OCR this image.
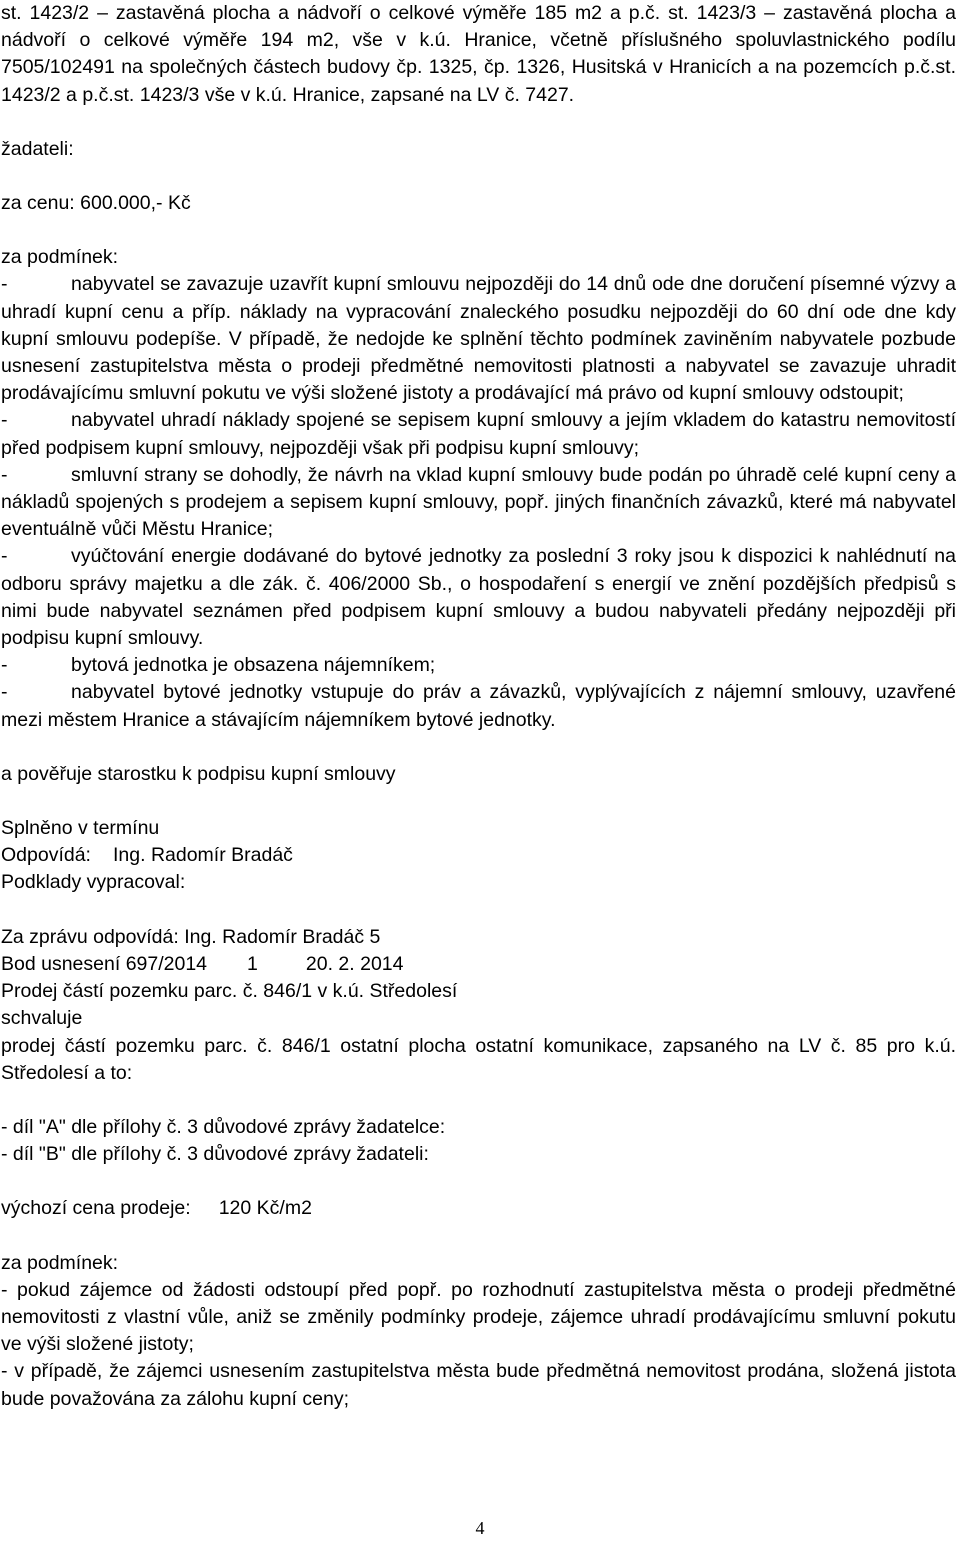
st. 1423/2 – zastavěná plocha a nádvoří o celkové výměře 185 m2 a p.č. st. 1423/3 – zastavěná plocha a nádvoří o celkové výměře 194 m2, vše v k.ú. Hranice, včetně příslušného spoluvlastnického podílu 7505/102491 na společných částech budovy čp. 1325, čp. 1326, Husitská v Hranicích a na pozemcích p.č.st. 1423/2 a p.č.st. 1423/3 vše v k.ú. Hranice, zapsané na LV č. 7427.

žadateli:

za cenu: 600.000,- Kč

za podmínek:

-	nabyvatel se zavazuje uzavřít kupní smlouvu nejpozději do 14 dnů ode dne doručení písemné výzvy a uhradí kupní cenu a příp. náklady na vypracování znaleckého posudku nejpozději do 60 dní ode dne kdy kupní smlouvu podepíše. V případě, že nedojde ke splnění těchto podmínek zaviněním nabyvatele pozbude usnesení zastupitelstva města o prodeji předmětné nemovitosti platnosti a nabyvatel se zavazuje uhradit prodávajícímu smluvní pokutu ve výši složené jistoty a prodávající má právo od kupní smlouvy odstoupit;

-	nabyvatel uhradí náklady spojené se sepisem kupní smlouvy a jejím vkladem do katastru nemovitostí před podpisem kupní smlouvy, nejpozději však při podpisu kupní smlouvy;

-	smluvní strany se dohodly, že návrh na vklad kupní smlouvy bude podán po úhradě celé kupní ceny a nákladů spojených s prodejem a sepisem kupní smlouvy, popř. jiných finančních závazků, které má nabyvatel eventuálně vůči Městu Hranice;

-	vyúčtování energie dodávané do bytové jednotky za poslední 3 roky jsou k dispozici k nahlédnutí na odboru správy majetku a dle zák. č. 406/2000 Sb., o hospodaření s energií ve znění pozdějších předpisů s nimi bude nabyvatel seznámen před podpisem kupní smlouvy a budou nabyvateli předány nejpozději při podpisu kupní smlouvy.

-	bytová jednotka je obsazena nájemníkem;

-	nabyvatel bytové jednotky vstupuje do práv a závazků, vyplývajících z nájemní smlouvy, uzavřené mezi městem Hranice a stávajícím nájemníkem bytové jednotky.

a pověřuje starostku k podpisu kupní smlouvy

Splněno v termínu

Odpovídá: Ing. Radomír Bradáč

Podklady vypracoval:

Za zprávu odpovídá: Ing. Radomír Bradáč 5

Bod usnesení 697/2014 1 20. 2. 2014

Prodej částí pozemku parc. č. 846/1 v k.ú. Středolesí

schvaluje

prodej částí pozemku parc. č. 846/1 ostatní plocha ostatní komunikace, zapsaného na LV č. 85 pro k.ú. Středolesí a to:

- díl "A" dle přílohy č. 3 důvodové zprávy žadatelce:

- díl "B" dle přílohy č. 3 důvodové zprávy žadateli:

výchozí cena prodeje: 120 Kč/m2

za podmínek:

- pokud zájemce od žádosti odstoupí před popř. po rozhodnutí zastupitelstva města o prodeji předmětné nemovitosti z vlastní vůle, aniž se změnily podmínky prodeje, zájemce uhradí prodávajícímu smluvní pokutu ve výši složené jistoty;

- v případě, že zájemci usnesením zastupitelstva města bude předmětná nemovitost prodána, složená jistota bude považována za zálohu kupní ceny;

4
